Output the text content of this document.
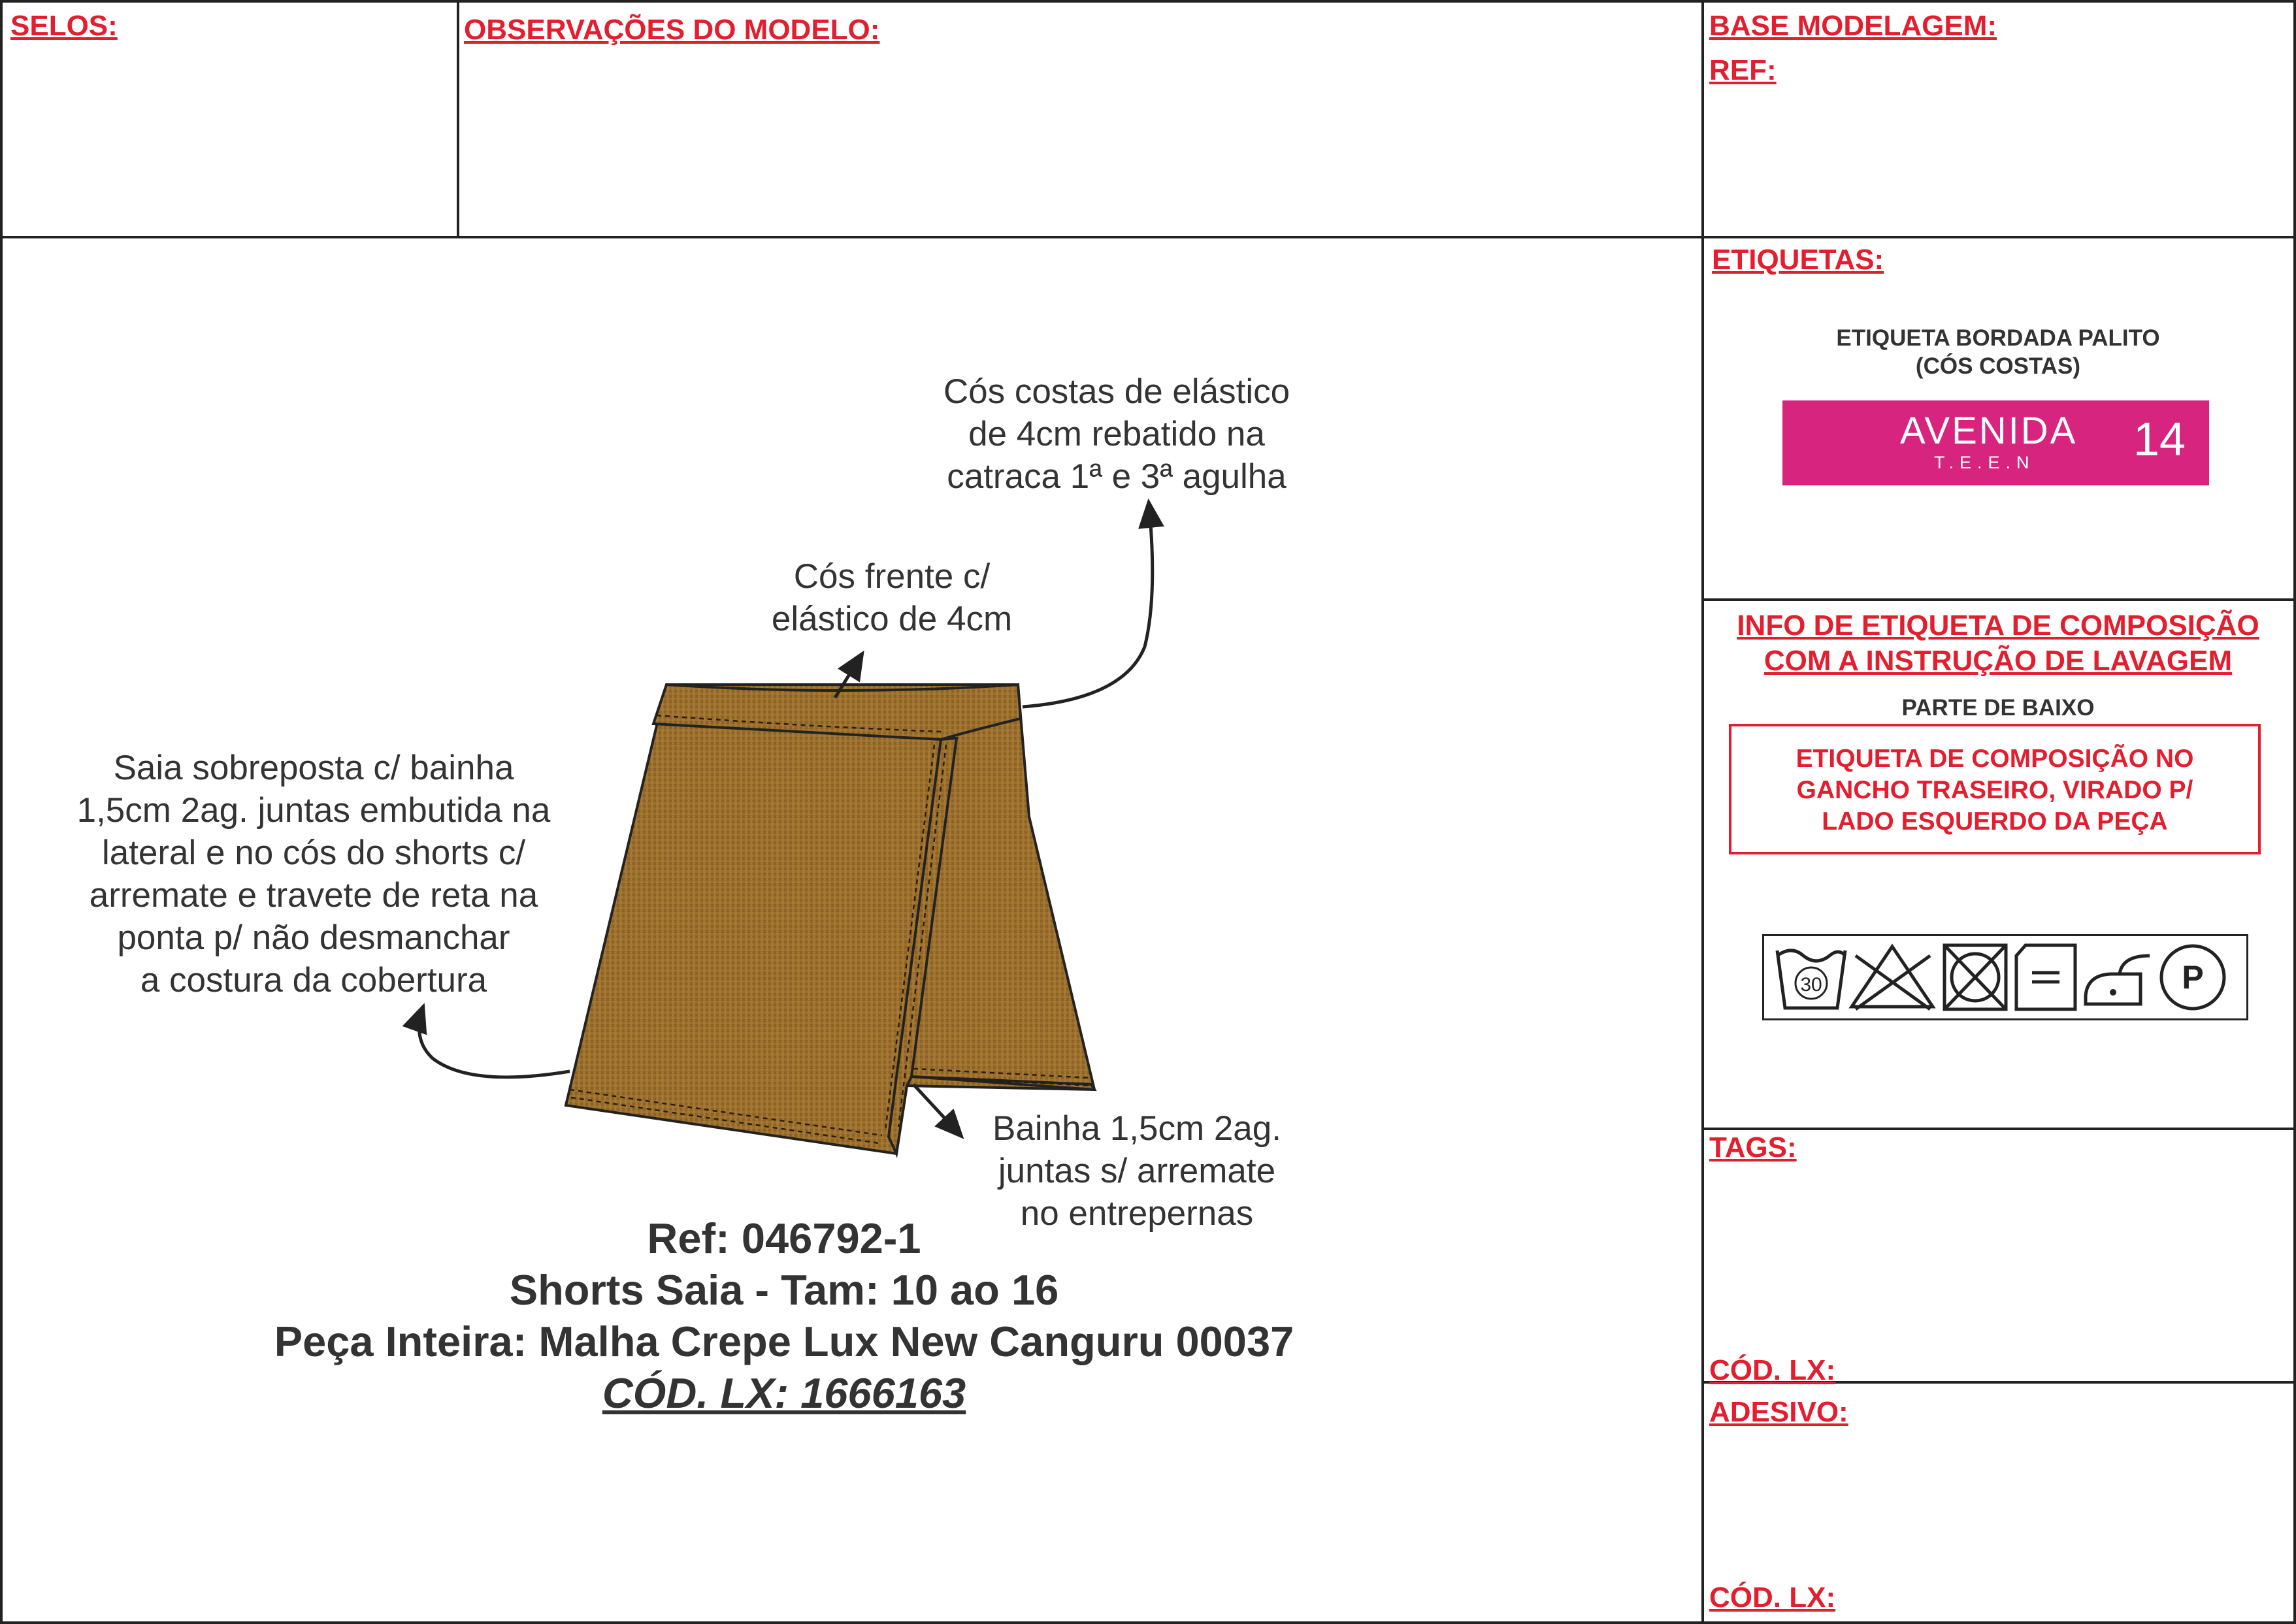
SELOS:	OBSERVAÇÕES DO MODELO:	BASE MODELAGEM:
REF:
ETIQUETAS:
ETIQUETA BORDADA PALITO
(CÓS COSTAS)
AVENIDA
T.E.E.N 14
INFO DE ETIQUETA DE COMPOSIÇÃO
COM A INSTRUÇÃO DE LAVAGEM
PARTE DE BAIXO
ETIQUETA DE COMPOSIÇÃO NO
GANCHO TRASEIRO, VIRADO P/
LADO ESQUERDO DA PEÇA
30	P
TAGS:
CÓD. LX:
ADESIVO:
CÓD. LX:
Cós costas de elástico
de 4cm rebatido na
catraca 1ª e 3ª agulha
Cós frente c/
elástico de 4cm
Saia sobreposta c/ bainha
1,5cm 2ag. juntas embutida na
lateral e no cós do shorts c/
arremate e travete de reta na
ponta p/ não desmanchar
a costura da cobertura
Bainha 1,5cm 2ag.
juntas s/ arremate
no entrepernas
Ref: 046792-1
Shorts Saia - Tam: 10 ao 16
Peça Inteira: Malha Crepe Lux New Canguru 00037
CÓD. LX: 1666163
